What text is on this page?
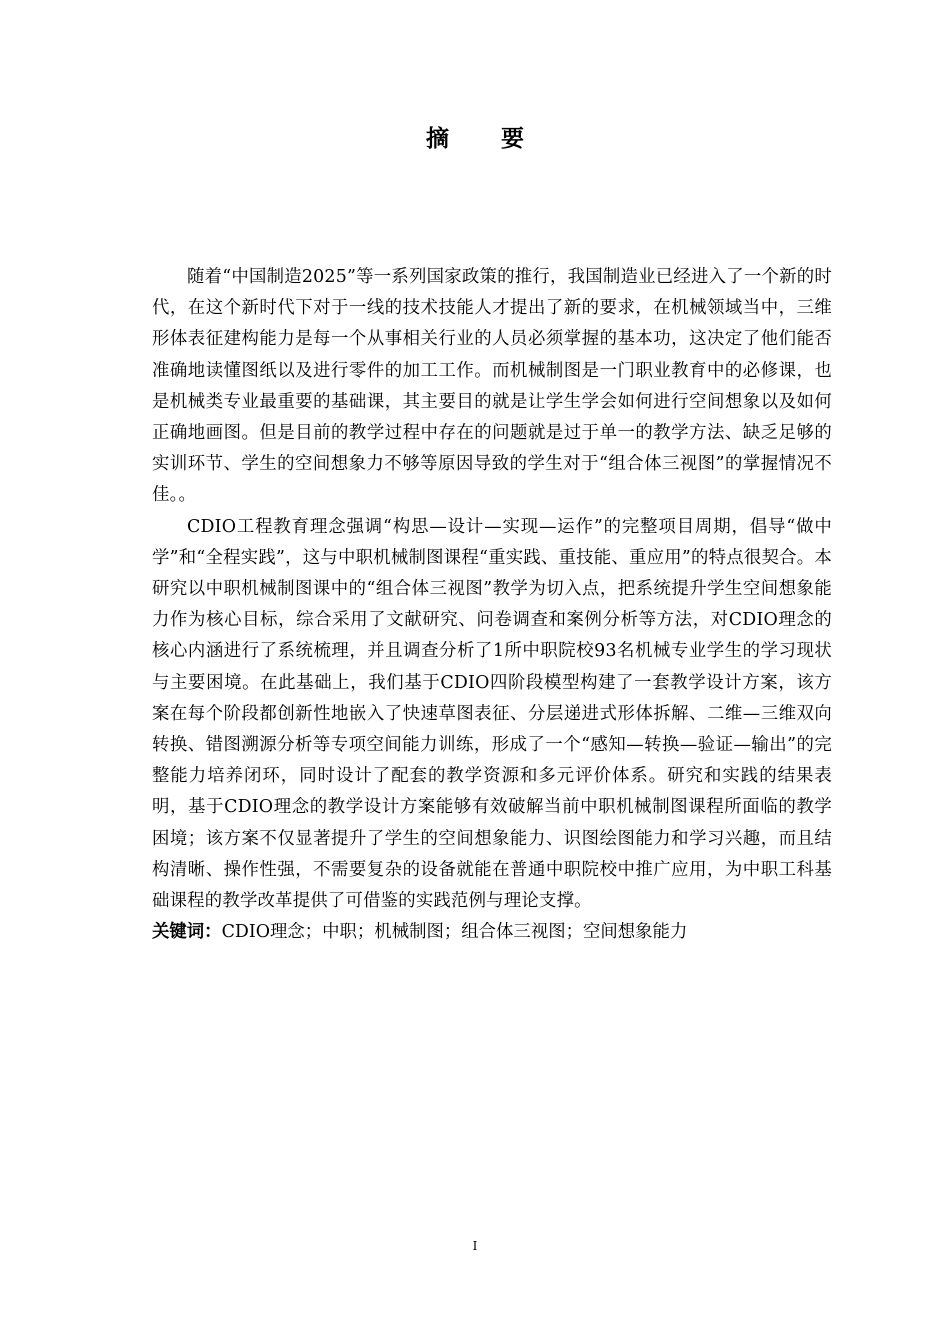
摘 要

随着“中国制造2025”等一系列国家政策的推行，我国制造业已经进入了一个新的时代，在这个新时代下对于一线的技术技能人才提出了新的要求，在机械领域当中，三维形体表征建构能力是每一个从事相关行业的人员必须掌握的基本功，这决定了他们能否准确地读懂图纸以及进行零件的加工工作。而机械制图是一门职业教育中的必修课，也是机械类专业最重要的基础课，其主要目的就是让学生学会如何进行空间想象以及如何正确地画图。但是目前的教学过程中存在的问题就是过于单一的教学方法、缺乏足够的实训环节、学生的空间想象力不够等原因导致的学生对于“组合体三视图”的掌握情况不佳。。

CDIO工程教育理念强调“构思—设计—实现—运作”的完整项目周期，倡导“做中学”和“全程实践”，这与中职机械制图课程“重实践、重技能、重应用”的特点很契合。本研究以中职机械制图课中的“组合体三视图”教学为切入点，把系统提升学生空间想象能力作为核心目标，综合采用了文献研究、问卷调查和案例分析等方法，对CDIO理念的核心内涵进行了系统梳理，并且调查分析了1所中职院校93名机械专业学生的学习现状与主要困境。在此基础上，我们基于CDIO四阶段模型构建了一套教学设计方案，该方案在每个阶段都创新性地嵌入了快速草图表征、分层递进式形体拆解、二维—三维双向转换、错图溯源分析等专项空间能力训练，形成了一个“感知—转换—验证—输出”的完整能力培养闭环，同时设计了配套的教学资源和多元评价体系。研究和实践的结果表明，基于CDIO理念的教学设计方案能够有效破解当前中职机械制图课程所面临的教学困境；该方案不仅显著提升了学生的空间想象能力、识图绘图能力和学习兴趣，而且结构清晰、操作性强，不需要复杂的设备就能在普通中职院校中推广应用，为中职工科基础课程的教学改革提供了可借鉴的实践范例与理论支撑。

关键词：CDIO理念；中职；机械制图；组合体三视图；空间想象能力

I
